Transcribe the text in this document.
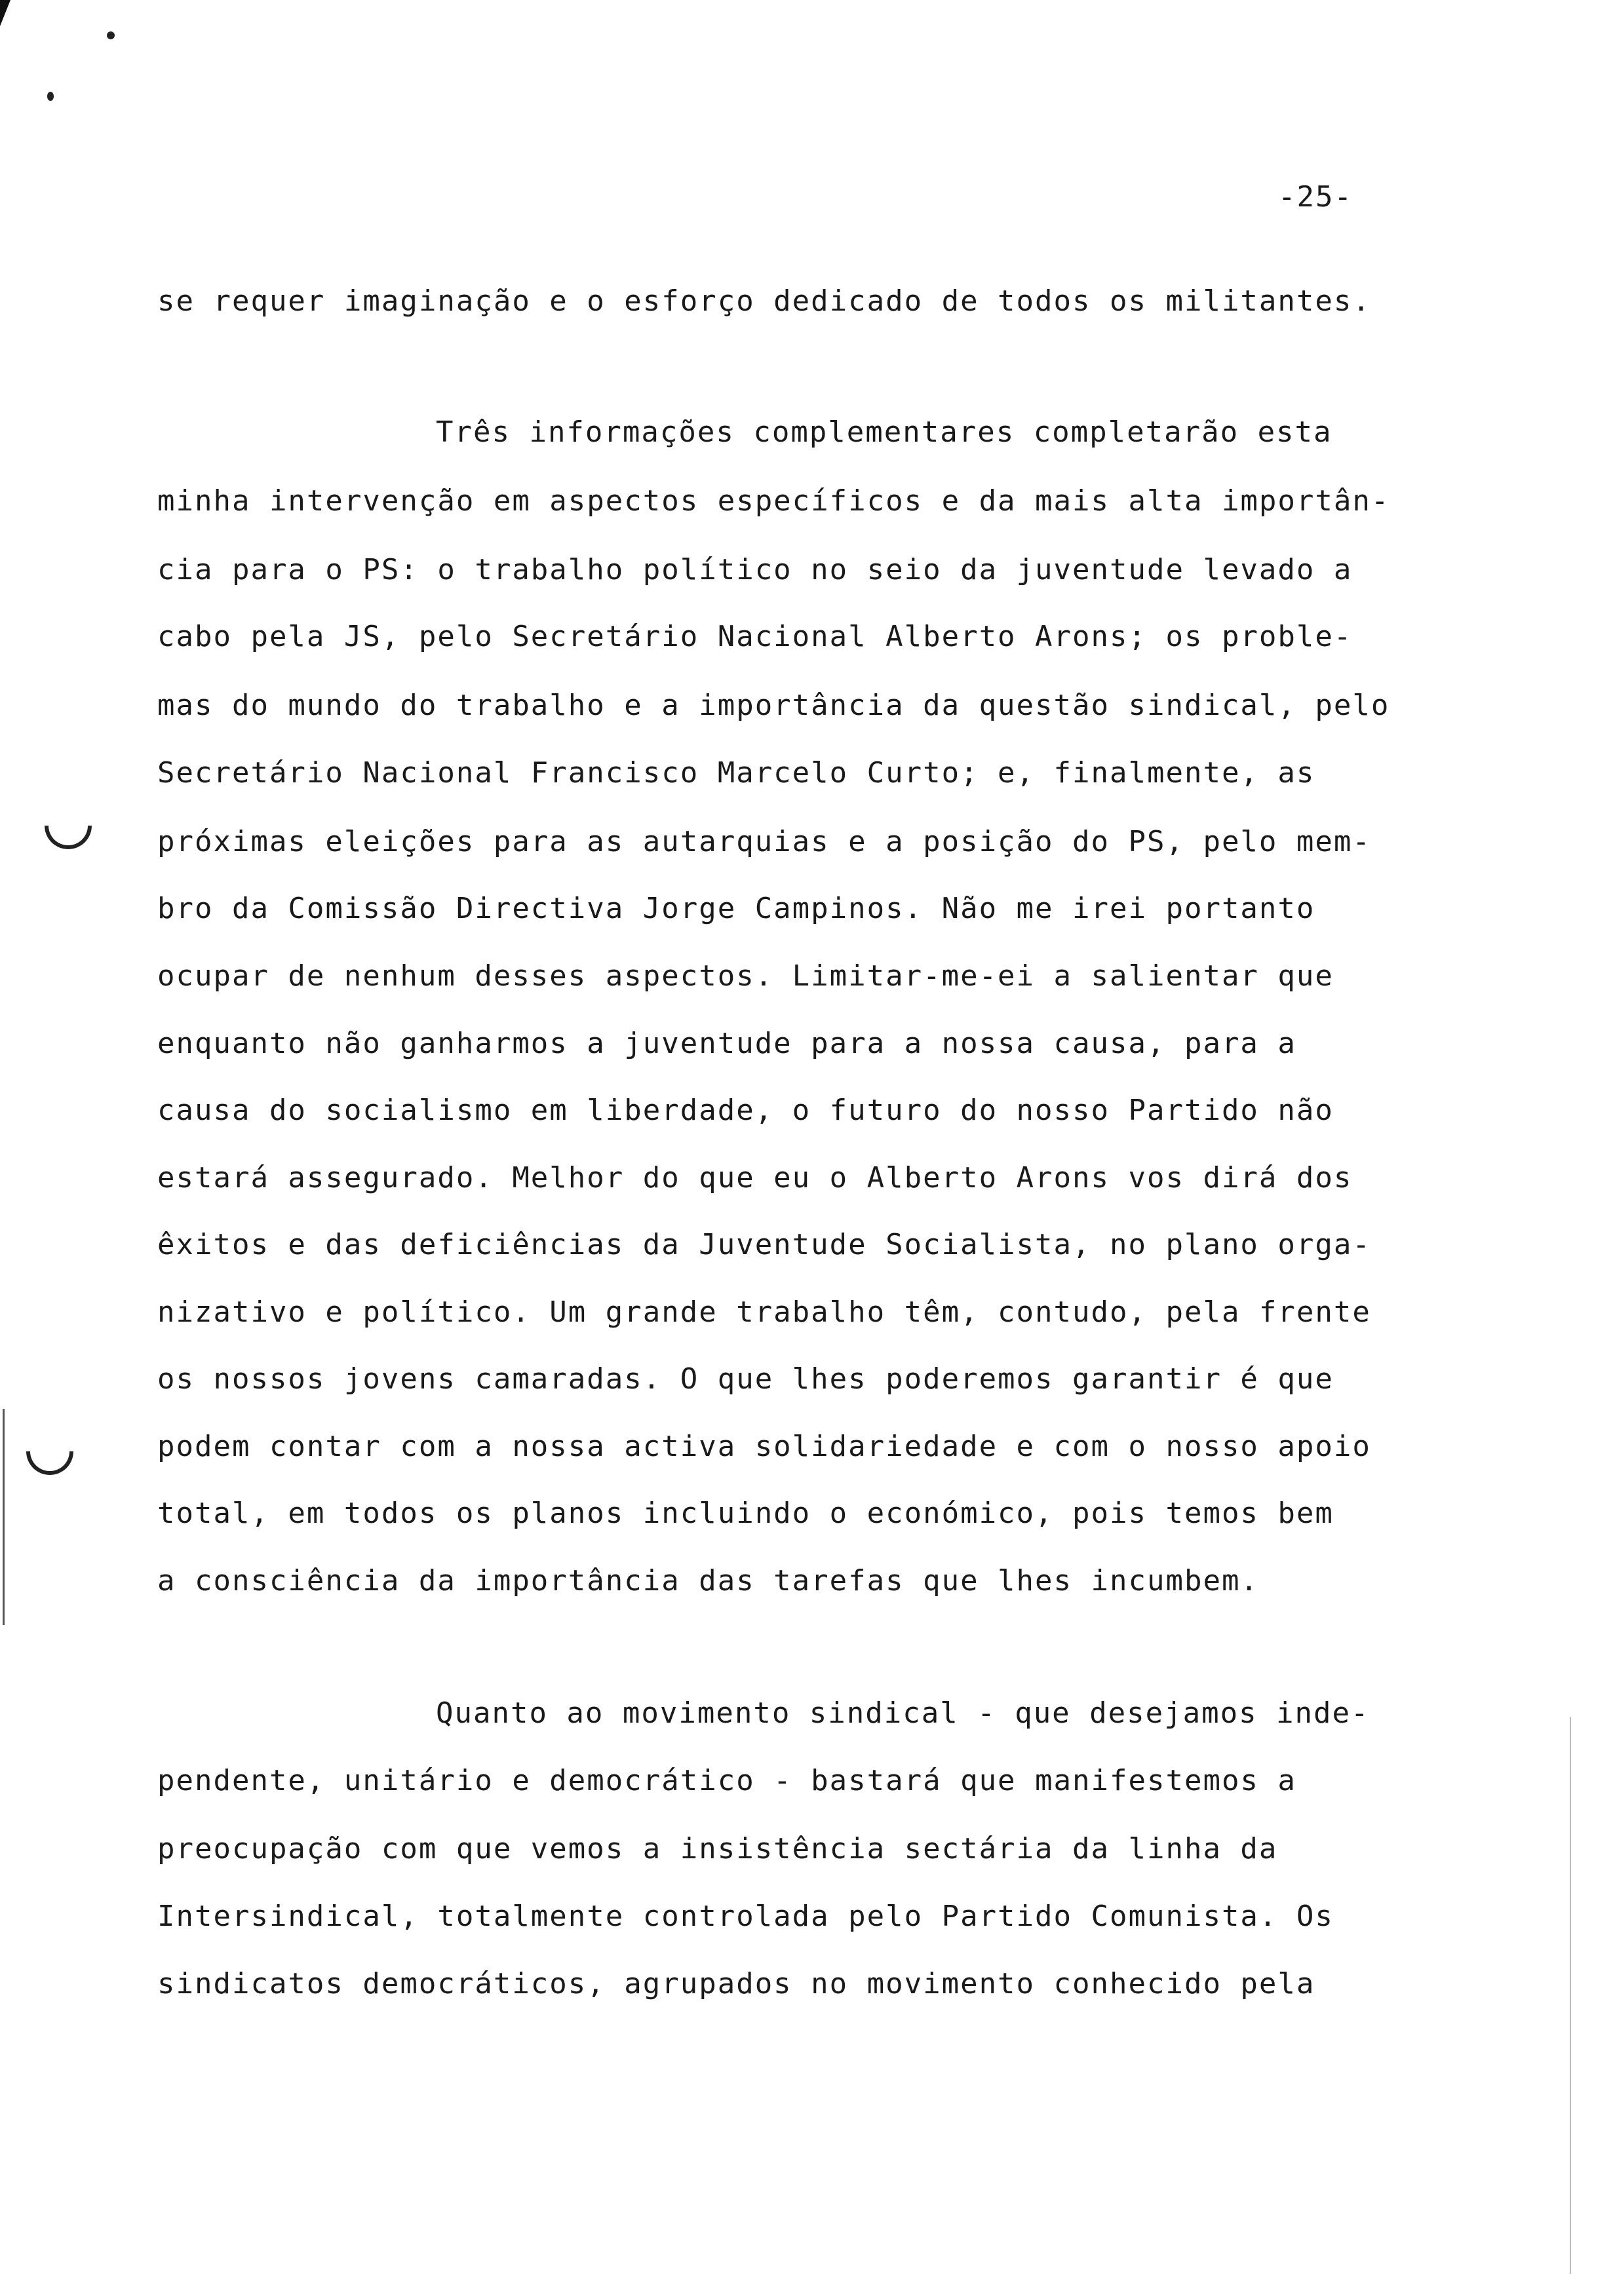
-25-
se requer imaginação e o esforço dedicado de todos os militantes.
Três informações complementares completarão esta
minha intervenção em aspectos específicos e da mais alta importân-
cia para o PS: o trabalho político no seio da juventude levado a
cabo pela JS, pelo Secretário Nacional Alberto Arons; os proble-
mas do mundo do trabalho e a importância da questão sindical, pelo
Secretário Nacional Francisco Marcelo Curto; e, finalmente, as
próximas eleições para as autarquias e a posição do PS, pelo mem-
bro da Comissão Directiva Jorge Campinos. Não me irei portanto
ocupar de nenhum desses aspectos. Limitar-me-ei a salientar que
enquanto não ganharmos a juventude para a nossa causa, para a
causa do socialismo em liberdade, o futuro do nosso Partido não
estará assegurado. Melhor do que eu o Alberto Arons vos dirá dos
êxitos e das deficiências da Juventude Socialista, no plano orga-
nizativo e político. Um grande trabalho têm, contudo, pela frente
os nossos jovens camaradas. O que lhes poderemos garantir é que
podem contar com a nossa activa solidariedade e com o nosso apoio
total, em todos os planos incluindo o económico, pois temos bem
a consciência da importância das tarefas que lhes incumbem.
Quanto ao movimento sindical - que desejamos inde-
pendente, unitário e democrático - bastará que manifestemos a
preocupação com que vemos a insistência sectária da linha da
Intersindical, totalmente controlada pelo Partido Comunista. Os
sindicatos democráticos, agrupados no movimento conhecido pela
